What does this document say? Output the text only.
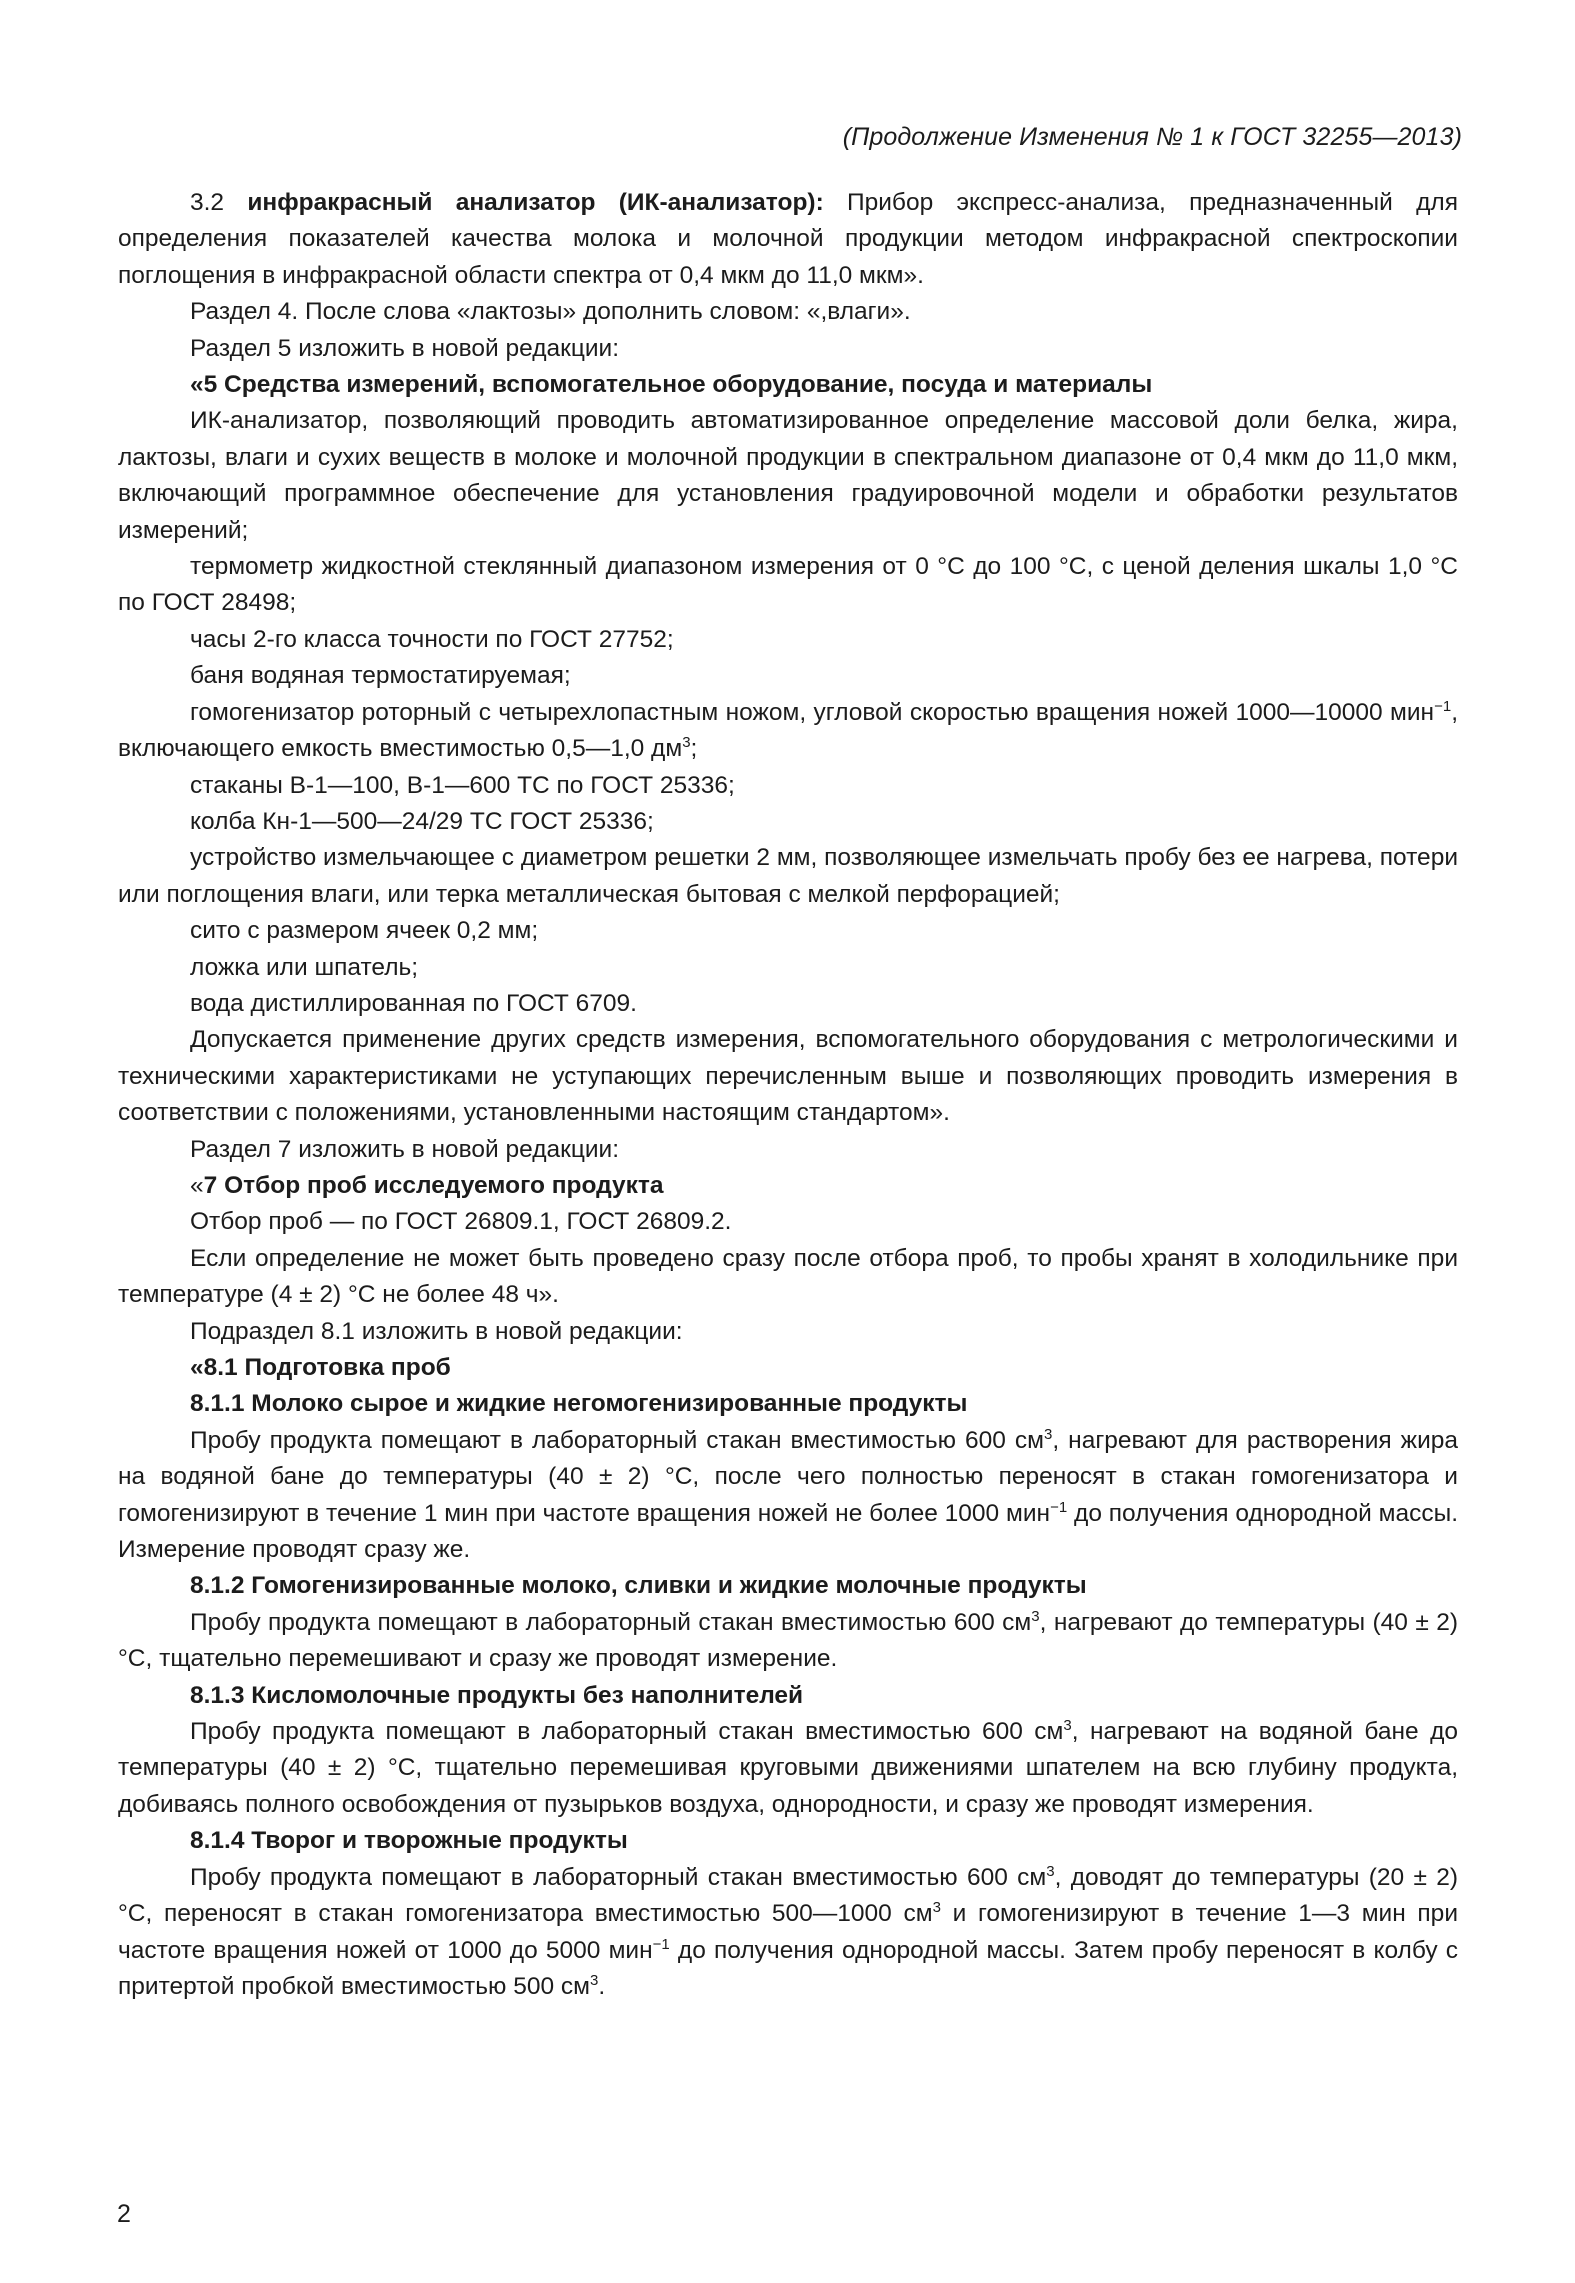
(Продолжение Изменения № 1 к ГОСТ 32255—2013)

3.2 инфракрасный анализатор (ИК-анализатор): Прибор экспресс-анализа, предназначенный для определения показателей качества молока и молочной продукции методом инфракрасной спектроскопии поглощения в инфракрасной области спектра от 0,4 мкм до 11,0 мкм».

Раздел 4. После слова «лактозы» дополнить словом: «,влаги».

Раздел 5 изложить в новой редакции:

«5 Средства измерений, вспомогательное оборудование, посуда и материалы

ИК-анализатор, позволяющий проводить автоматизированное определение массовой доли белка, жира, лактозы, влаги и сухих веществ в молоке и молочной продукции в спектральном диапазоне от 0,4 мкм до 11,0 мкм, включающий программное обеспечение для установления градуировочной модели и обработки результатов измерений;

термометр жидкостной стеклянный диапазоном измерения от 0 °С до 100 °С, с ценой деления шкалы 1,0 °С по ГОСТ 28498;

часы 2-го класса точности по ГОСТ 27752;

баня водяная термостатируемая;

гомогенизатор роторный с четырехлопастным ножом, угловой скоростью вращения ножей 1000—10000 мин$^{-1}$, включающего емкость вместимостью 0,5—1,0 $дм^3$;

стаканы В-1—100, В-1—600 ТС по ГОСТ 25336;

колба Кн-1—500—24/29 ТС ГОСТ 25336;

устройство измельчающее с диаметром решетки 2 мм, позволяющее измельчать пробу без ее нагрева, потери или поглощения влаги, или терка металлическая бытовая с мелкой перфорацией;

сито с размером ячеек 0,2 мм;

ложка или шпатель;

вода дистиллированная по ГОСТ 6709.

Допускается применение других средств измерения, вспомогательного оборудования с метрологическими и техническими характеристиками не уступающих перечисленным выше и позволяющих проводить измерения в соответствии с положениями, установленными настоящим стандартом».

Раздел 7 изложить в новой редакции:

«7 Отбор проб исследуемого продукта

Отбор проб — по ГОСТ 26809.1, ГОСТ 26809.2.

Если определение не может быть проведено сразу после отбора проб, то пробы хранят в холодильнике при температуре (4 ± 2) °С не более 48 ч».

Подраздел 8.1 изложить в новой редакции:

«8.1 Подготовка проб

8.1.1 Молоко сырое и жидкие негомогенизированные продукты

Пробу продукта помещают в лабораторный стакан вместимостью 600 $см^3$, нагревают для растворения жира на водяной бане до температуры (40 ± 2) °С, после чего полностью переносят в стакан гомогенизатора и гомогенизируют в течение 1 мин при частоте вращения ножей не более 1000 мин$^{-1}$ до получения однородной массы. Измерение проводят сразу же.

8.1.2 Гомогенизированные молоко, сливки и жидкие молочные продукты

Пробу продукта помещают в лабораторный стакан вместимостью 600 $см^3$, нагревают до температуры (40 ± 2) °С, тщательно перемешивают и сразу же проводят измерение.

8.1.3 Кисломолочные продукты без наполнителей

Пробу продукта помещают в лабораторный стакан вместимостью 600 $см^3$, нагревают на водяной бане до температуры (40 ± 2) °С, тщательно перемешивая круговыми движениями шпателем на всю глубину продукта, добиваясь полного освобождения от пузырьков воздуха, однородности, и сразу же проводят измерения.

8.1.4 Творог и творожные продукты

Пробу продукта помещают в лабораторный стакан вместимостью 600 $см^3$, доводят до температуры (20 ± 2) °С, переносят в стакан гомогенизатора вместимостью 500—1000 $см^3$ и гомогенизируют в течение 1—3 мин при частоте вращения ножей от 1000 до 5000 мин$^{-1}$ до получения однородной массы. Затем пробу переносят в колбу с притертой пробкой вместимостью 500 $см^3$.

2
